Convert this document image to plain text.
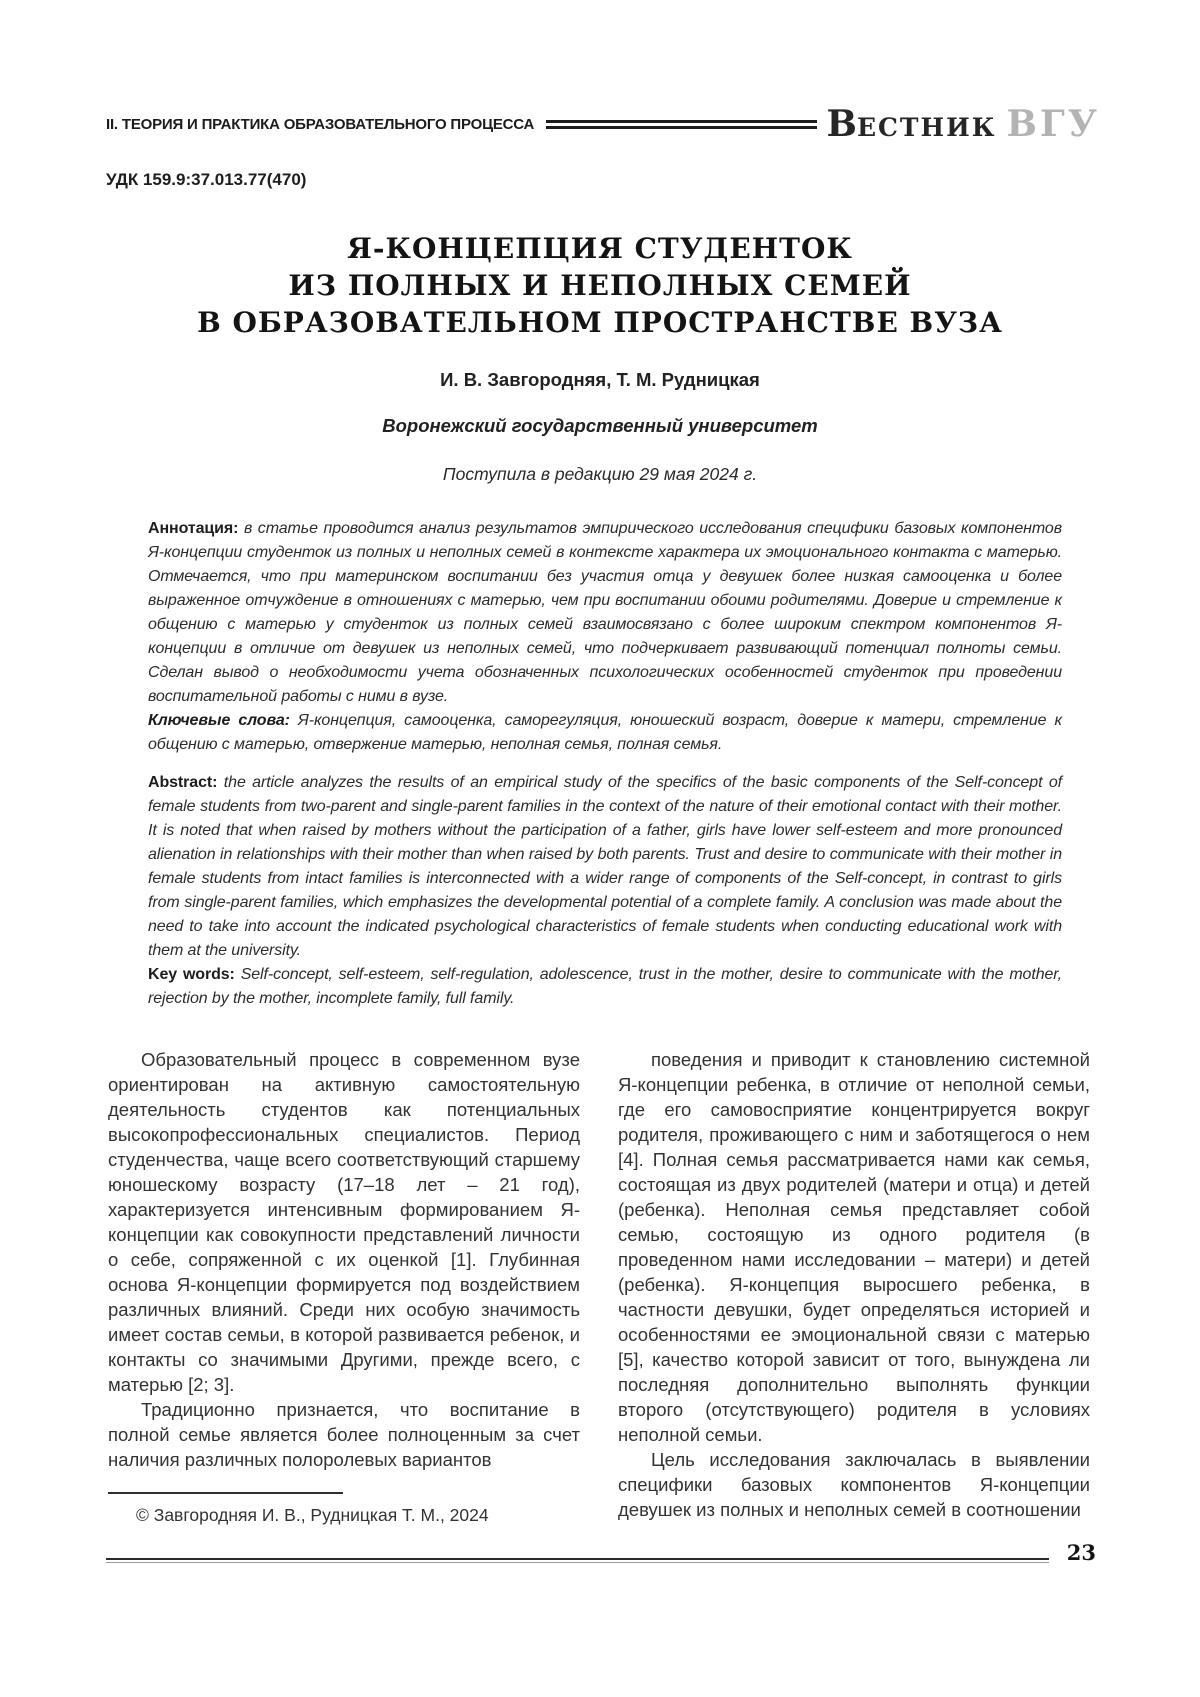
II. ТЕОРИЯ И ПРАКТИКА ОБРАЗОВАТЕЛЬНОГО ПРОЦЕССА	ВЕСТНИК ВГУ
УДК 159.9:37.013.77(470)
Я-КОНЦЕПЦИЯ СТУДЕНТОК
ИЗ ПОЛНЫХ И НЕПОЛНЫХ СЕМЕЙ
В ОБРАЗОВАТЕЛЬНОМ ПРОСТРАНСТВЕ ВУЗА
И. В. Завгородняя, Т. М. Рудницкая
Воронежский государственный университет
Поступила в редакцию 29 мая 2024 г.

Аннотация: в статье проводится анализ результатов эмпирического исследования специфики базовых компонентов Я-концепции студенток из полных и неполных семей в контексте характера их эмоционального контакта с матерью. Отмечается, что при материнском воспитании без участия отца у девушек более низкая самооценка и более выраженное отчуждение в отношениях с матерью, чем при воспитании обоими родителями. Доверие и стремление к общению с матерью у студенток из полных семей взаимосвязано с более широким спектром компонентов Я-концепции в отличие от девушек из неполных семей, что подчеркивает развивающий потенциал полноты семьи. Сделан вывод о необходимости учета обозначенных психологических особенностей студенток при проведении воспитательной работы с ними в вузе.

Ключевые слова: Я-концепция, самооценка, саморегуляция, юношеский возраст, доверие к матери, стремление к общению с матерью, отвержение матерью, неполная семья, полная семья.

Abstract: the article analyzes the results of an empirical study of the specifics of the basic components of the Self-concept of female students from two-parent and single-parent families in the context of the nature of their emotional contact with their mother. It is noted that when raised by mothers without the participation of a father, girls have lower self-esteem and more pronounced alienation in relationships with their mother than when raised by both parents. Trust and desire to communicate with their mother in female students from intact families is interconnected with a wider range of components of the Self-concept, in contrast to girls from single-parent families, which emphasizes the developmental potential of a complete family. A conclusion was made about the need to take into account the indicated psychological characteristics of female students when conducting educational work with them at the university.

Key words: Self-concept, self-esteem, self-regulation, adolescence, trust in the mother, desire to communicate with the mother, rejection by the mother, incomplete family, full family.

Образовательный процесс в современном вузе ориентирован на активную самостоятельную деятельность студентов как потенциальных высокопрофессиональных специалистов. Период студенчества, чаще всего соответствующий старшему юношескому возрасту (17–18 лет – 21 год), характеризуется интенсивным формированием Я-концепции как совокупности представлений личности о себе, сопряженной с их оценкой [1]. Глубинная основа Я-концепции формируется под воздействием различных влияний. Среди них особую значимость имеет состав семьи, в которой развивается ребенок, и контакты со значимыми Другими, прежде всего, с матерью [2; 3].

Традиционно признается, что воспитание в полной семье является более полноценным за счет наличия различных полоролевых вариантов

© Завгородняя И. В., Рудницкая Т. М., 2024

поведения и приводит к становлению системной Я-концепции ребенка, в отличие от неполной семьи, где его самовосприятие концентрируется вокруг родителя, проживающего с ним и заботящегося о нем [4]. Полная семья рассматривается нами как семья, состоящая из двух родителей (матери и отца) и детей (ребенка). Неполная семья представляет собой семью, состоящую из одного родителя (в проведенном нами исследовании – матери) и детей (ребенка). Я-концепция выросшего ребенка, в частности девушки, будет определяться историей и особенностями ее эмоциональной связи с матерью [5], качество которой зависит от того, вынуждена ли последняя дополнительно выполнять функции второго (отсутствующего) родителя в условиях неполной семьи.

Цель исследования заключалась в выявлении специфики базовых компонентов Я-концепции девушек из полных и неполных семей в соотношении

23
